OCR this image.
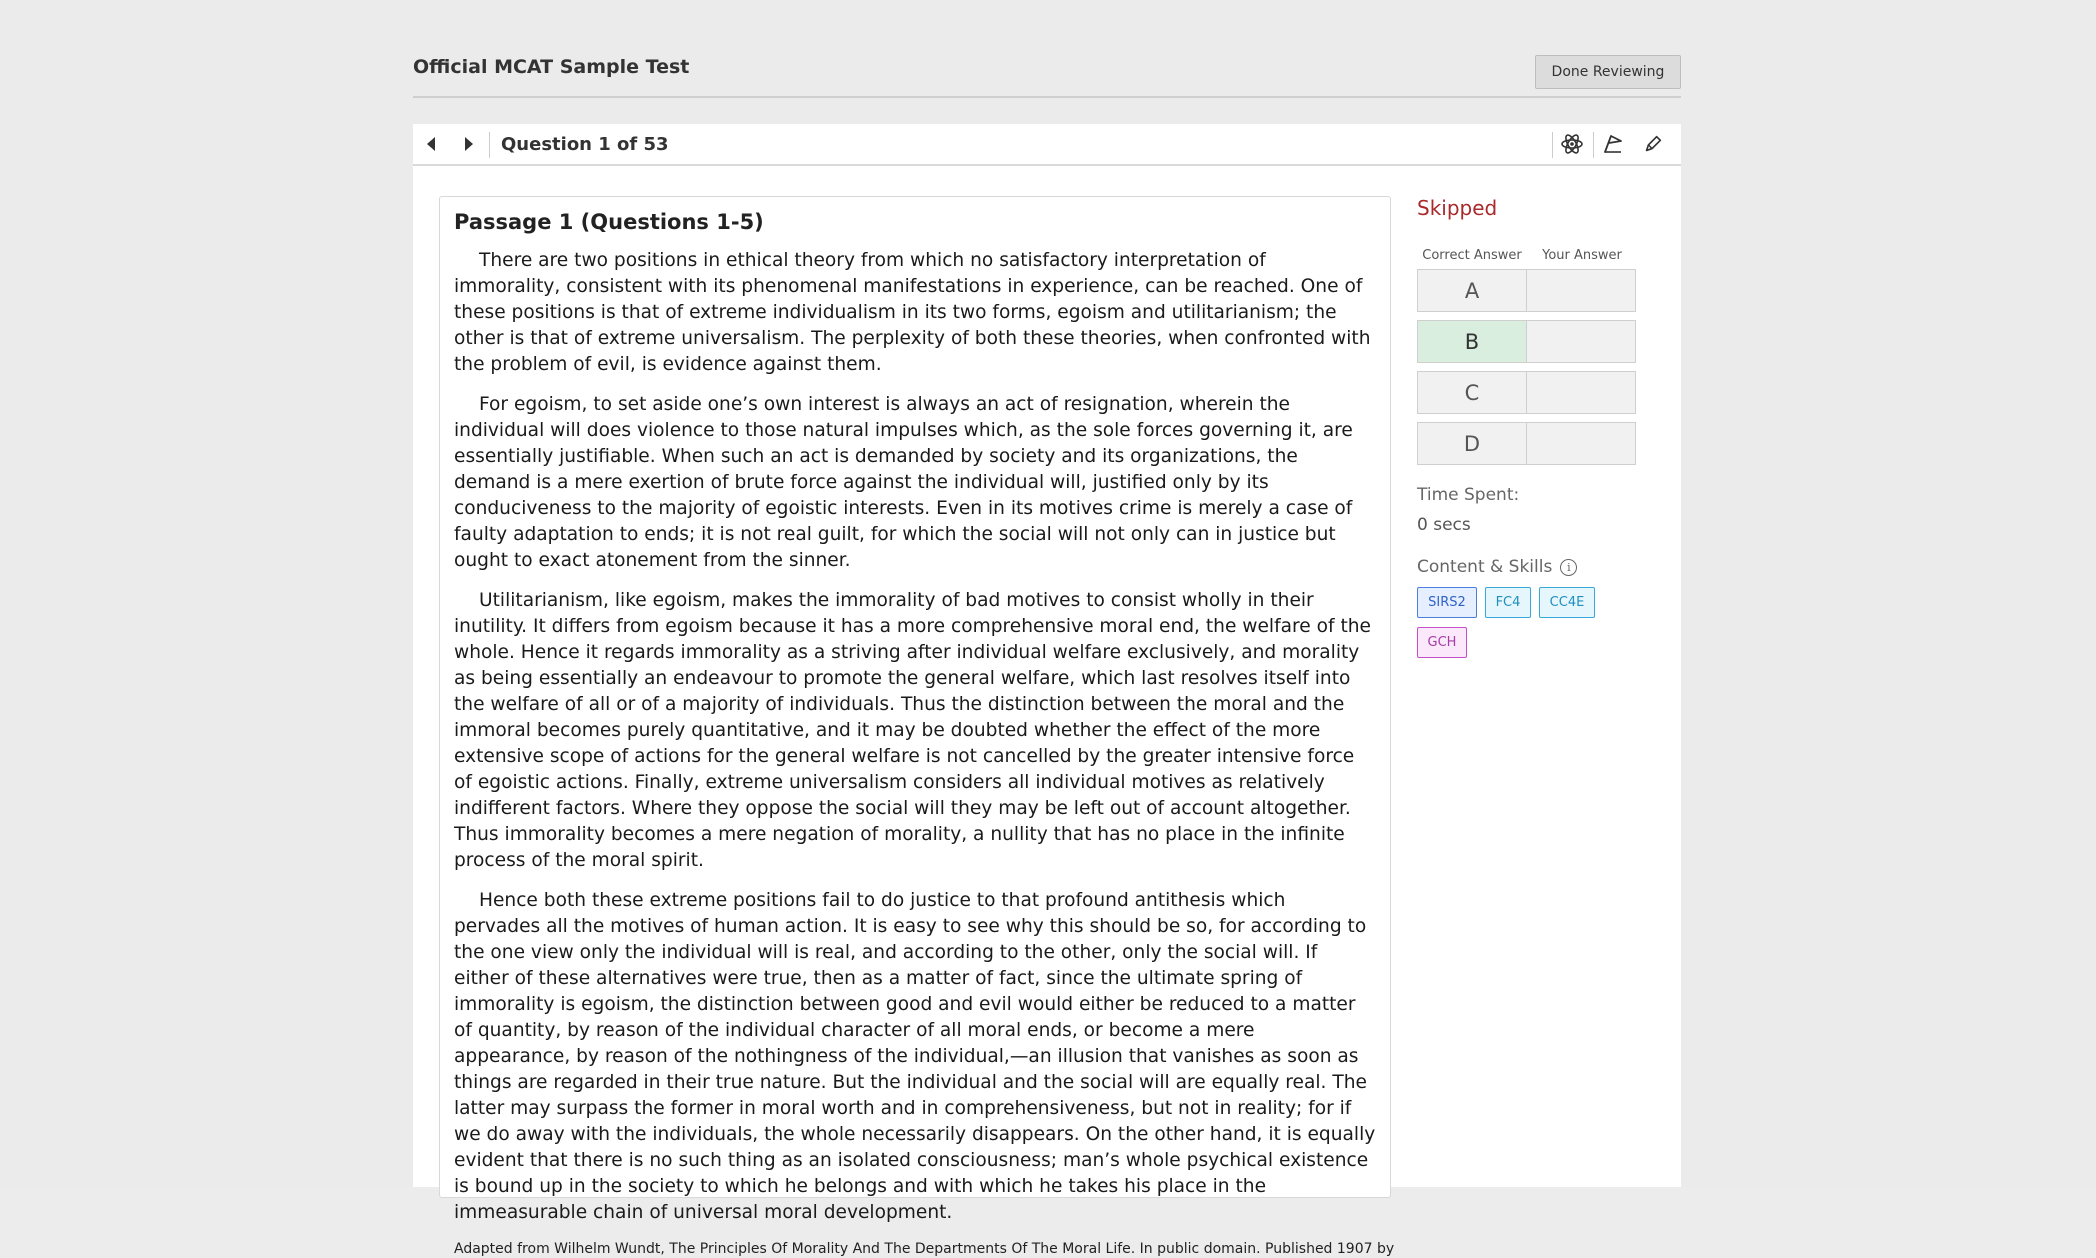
Official MCAT Sample Test	Done Reviewing
Question 1 of 53
Passage 1 (Questions 1-5)

There are two positions in ethical theory from which no satisfactory interpretation of immorality, consistent with its phenomenal manifestations in experience, can be reached. One of these positions is that of extreme individualism in its two forms, egoism and utilitarianism; the other is that of extreme universalism. The perplexity of both these theories, when confronted with the problem of evil, is evidence against them.

For egoism, to set aside one’s own interest is always an act of resignation, wherein the individual will does violence to those natural impulses which, as the sole forces governing it, are essentially justifiable. When such an act is demanded by society and its organizations, the demand is a mere exertion of brute force against the individual will, justified only by its conduciveness to the majority of egoistic interests. Even in its motives crime is merely a case of faulty adaptation to ends; it is not real guilt, for which the social will not only can in justice but ought to exact atonement from the sinner.

Utilitarianism, like egoism, makes the immorality of bad motives to consist wholly in their inutility. It differs from egoism because it has a more comprehensive moral end, the welfare of the whole. Hence it regards immorality as a striving after individual welfare exclusively, and morality as being essentially an endeavour to promote the general welfare, which last resolves itself into the welfare of all or of a majority of individuals. Thus the distinction between the moral and the immoral becomes purely quantitative, and it may be doubted whether the effect of the more extensive scope of actions for the general welfare is not cancelled by the greater intensive force of egoistic actions. Finally, extreme universalism considers all individual motives as relatively indifferent factors. Where they oppose the social will they may be left out of account altogether. Thus immorality becomes a mere negation of morality, a nullity that has no place in the infinite process of the moral spirit.

Hence both these extreme positions fail to do justice to that profound antithesis which pervades all the motives of human action. It is easy to see why this should be so, for according to the one view only the individual will is real, and according to the other, only the social will. If either of these alternatives were true, then as a matter of fact, since the ultimate spring of immorality is egoism, the distinction between good and evil would either be reduced to a matter of quantity, by reason of the individual character of all moral ends, or become a mere appearance, by reason of the nothingness of the individual,—an illusion that vanishes as soon as things are regarded in their true nature. But the individual and the social will are equally real. The latter may surpass the former in moral worth and in comprehensiveness, but not in reality; for if we do away with the individuals, the whole necessarily disappears. On the other hand, it is equally evident that there is no such thing as an isolated consciousness; man’s whole psychical existence is bound up in the society to which he belongs and with which he takes his place in the immeasurable chain of universal moral development.

Adapted from Wilhelm Wundt, The Principles Of Morality And The Departments Of The Moral Life. In public domain. Published 1907 by
Skipped
Correct Answer	Your Answer
A
B
C
D
Time Spent:
0 secs
Content & Skills	i
SIRS2	FC4	CC4E
GCH
